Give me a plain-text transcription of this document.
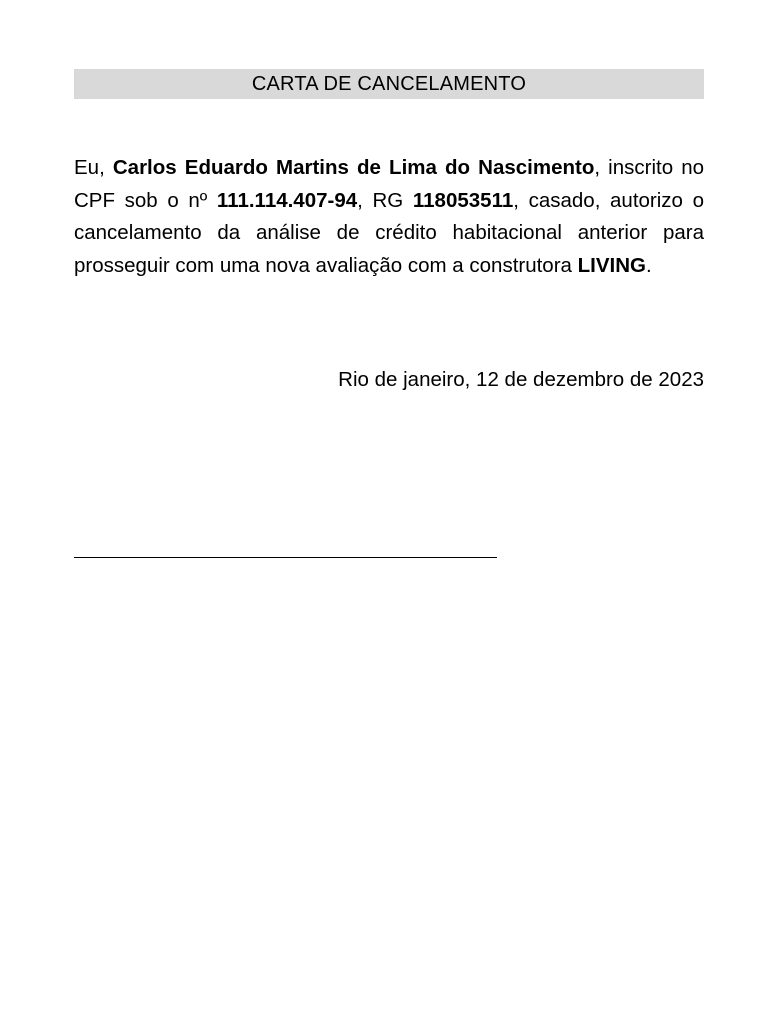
CARTA DE CANCELAMENTO
Eu, Carlos Eduardo Martins de Lima do Nascimento, inscrito no CPF sob o nº 111.114.407-94, RG 118053511, casado, autorizo o cancelamento da análise de crédito habitacional anterior para prosseguir com uma nova avaliação com a construtora LIVING.
Rio de janeiro, 12 de dezembro de 2023
